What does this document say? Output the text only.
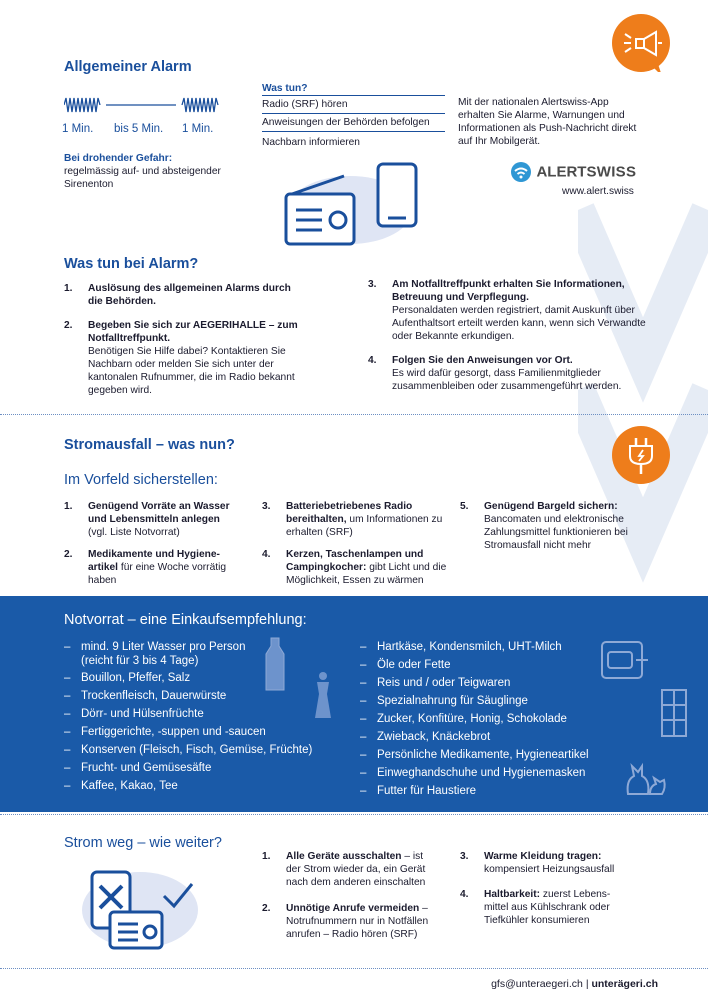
Allgemeiner Alarm
1 Min. bis 5 Min. 1 Min.
Bei drohender Gefahr:
regelmässig auf- und absteigender
Sirenenton
Was tun?
Radio (SRF) hören
Anweisungen der Behörden befolgen
Nachbarn informieren
Mit der nationalen Alertswiss-App
erhalten Sie Alarme, Warnungen und
Informationen als Push-Nachricht direkt
auf Ihr Mobilgerät.
ALERTSWISS
www.alert.swiss
Was tun bei Alarm?
1. Auslösung des allgemeinen Alarms durch die Behörden.
2. Begeben Sie sich zur AEGERIHALLE – zum Notfalltreffpunkt.
Benötigen Sie Hilfe dabei? Kontaktieren Sie Nachbarn oder melden Sie sich unter der kantonalen Rufnummer, die im Radio bekannt gegeben wird.
3. Am Notfalltreffpunkt erhalten Sie Informationen, Betreuung und Verpflegung.
Personaldaten werden registriert, damit Auskunft über Aufenthaltsort erteilt werden kann, wenn sich Verwandte oder Bekannte erkundigen.
4. Folgen Sie den Anweisungen vor Ort.
Es wird dafür gesorgt, dass Familienmitglieder zusammenbleiben oder zusammengeführt werden.
Stromausfall – was nun?
Im Vorfeld sicherstellen:
1. Genügend Vorräte an Wasser und Lebensmitteln anlegen
(vgl. Liste Notvorrat)
2. Medikamente und Hygiene-artikel für eine Woche vorrätig haben
3. Batteriebetriebenes Radio bereithalten, um Informationen zu erhalten (SRF)
4. Kerzen, Taschenlampen und Campingkocher: gibt Licht und die Möglichkeit, Essen zu wärmen
5. Genügend Bargeld sichern:
Bancomaten und elektronische Zahlungsmittel funktionieren bei Stromausfall nicht mehr
Notvorrat – eine Einkaufsempfehlung:
– mind. 9 Liter Wasser pro Person
(reicht für 3 bis 4 Tage)
– Bouillon, Pfeffer, Salz
– Trockenfleisch, Dauerwürste
– Dörr- und Hülsenfrüchte
– Fertiggerichte, -suppen und -saucen
– Konserven (Fleisch, Fisch, Gemüse, Früchte)
– Frucht- und Gemüsesäfte
– Kaffee, Kakao, Tee
– Hartkäse, Kondensmilch, UHT-Milch
– Öle oder Fette
– Reis und / oder Teigwaren
– Spezialnahrung für Säuglinge
– Zucker, Konfitüre, Honig, Schokolade
– Zwieback, Knäckebrot
– Persönliche Medikamente, Hygieneartikel
– Einweghandschuhe und Hygienemasken
– Futter für Haustiere
Strom weg – wie weiter?
1. Alle Geräte ausschalten – ist der Strom wieder da, ein Gerät nach dem anderen einschalten
2. Unnötige Anrufe vermeiden – Notrufnummern nur in Notfällen anrufen – Radio hören (SRF)
3. Warme Kleidung tragen:
kompensiert Heizungsausfall
4. Haltbarkeit: zuerst Lebens-mittel aus Kühlschrank oder Tiefkühler konsumieren
gfs@unteraegeri.ch | unterägeri.ch
